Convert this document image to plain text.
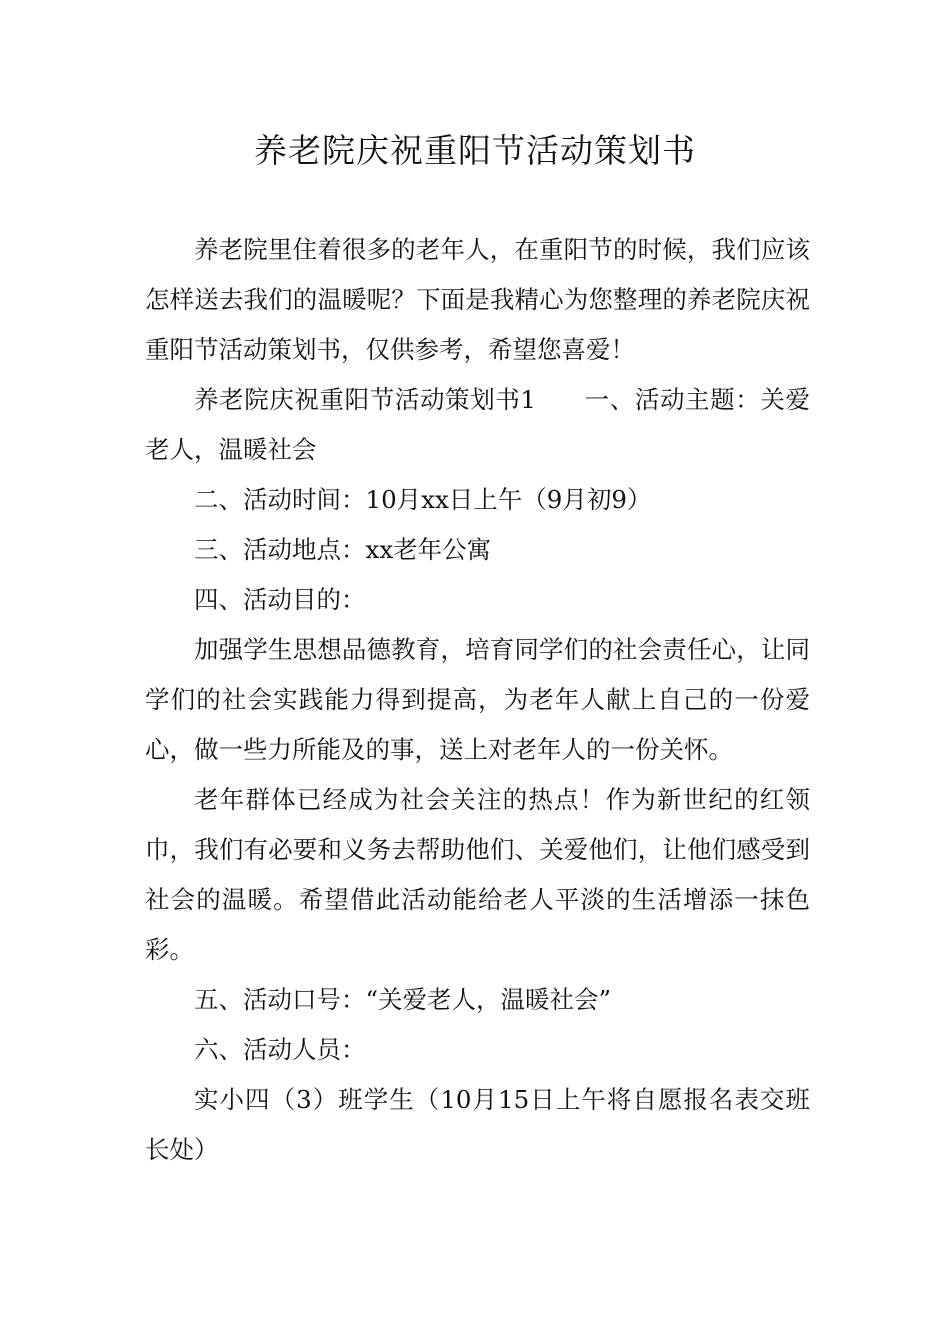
养老院庆祝重阳节活动策划书

养老院里住着很多的老年人，在重阳节的时候，我们应该怎样送去我们的温暖呢？下面是我精心为您整理的养老院庆祝重阳节活动策划书，仅供参考，希望您喜爱！

养老院庆祝重阳节活动策划书1 一、活动主题：关爱老人，温暖社会

二、活动时间：10月xx日上午（9月初9）

三、活动地点：xx老年公寓

四、活动目的：

加强学生思想品德教育，培育同学们的社会责任心，让同学们的社会实践能力得到提高，为老年人献上自己的一份爱心，做一些力所能及的事，送上对老年人的一份关怀。

老年群体已经成为社会关注的热点！作为新世纪的红领巾，我们有必要和义务去帮助他们、关爱他们，让他们感受到社会的温暖。希望借此活动能给老人平淡的生活增添一抹色彩。

五、活动口号：“关爱老人，温暖社会”

六、活动人员：

实小四（3）班学生（10月15日上午将自愿报名表交班长处）
